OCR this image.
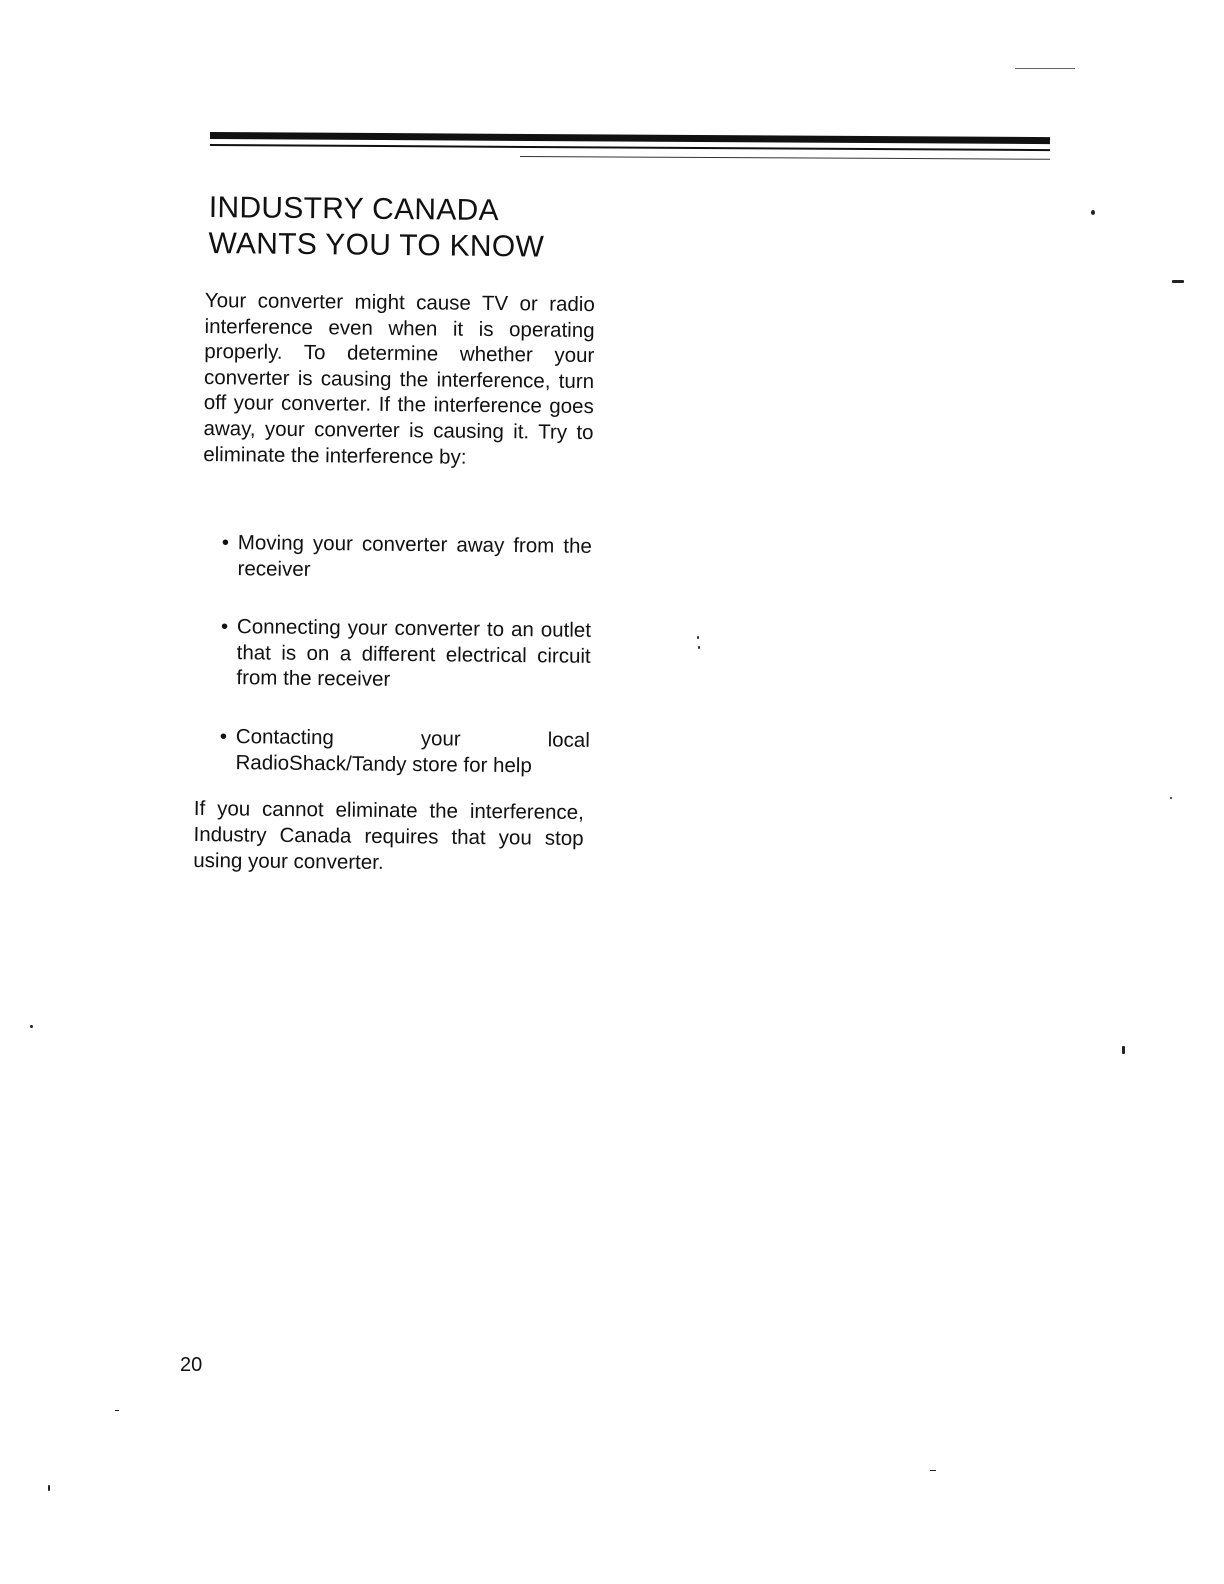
INDUSTRY CANADA
WANTS YOU TO KNOW

Your converter might cause TV or radio interference even when it is operating properly. To determine whether your converter is causing the interference, turn off your converter. If the interference goes away, your converter is causing it. Try to eliminate the interference by:

• Moving your converter away from the receiver
• Connecting your converter to an outlet that is on a different electrical circuit from the receiver
• Contacting your local RadioShack/Tandy store for help

If you cannot eliminate the interference, Industry Canada requires that you stop using your converter.

20
